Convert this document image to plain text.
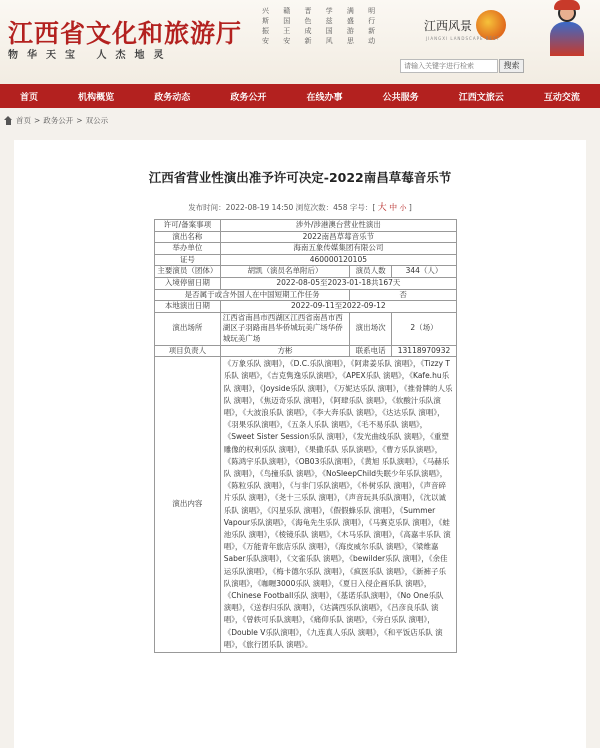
江西省文化和旅游厅
物华天宝 人杰地灵
兴 赣 晋 学 满 明
斯 国 色 兹 盛 行
振 王 成 国 游 新
安 安 新 风 思 动
江西风景
JIANGXI LANDSCAPE BEST
请输入关键字进行检索
搜索
首页	机构概览	政务动态	政务公开	在线办事	公共服务	江西文旅云	互动交流
首页 > 政务公开 > 双公示
江西省营业性演出准予许可决定-2022南昌草莓音乐节
发布时间：2022-08-19 14:50 浏览次数：458 字号：[ 大 中 小 ]
许可/备案事项	涉外/涉港澳台营业性演出		
演出名称	2022南昌草莓音乐节		
举办单位	海南五象传媒集团有限公司		
证号	460000120105		
主要演员（团体）	胡凯（演员名单附后）	演员人数	344（人）
入境停留日期	2022-08-05至2023-01-18共167天		
是否属于或含外国人在中国短期工作任务		否	
本地演出日期	2022-09-11至2022-09-12		
演出场所	江西省南昌市西湖区江西省南昌市西湖区子羽路南昌华侨城玩美广场华侨城玩美广场	演出场次	2（场）
项目负责人	方彬	联系电话	13118970932
演出内容	《万象乐队 演唱》，《D.C.乐队演唱》，《阿肃姜乐队 演唱》，《Tizzy T乐队 演唱》，《吉克隽逸乐队演唱》，《APEX乐队 演唱》，《Kafe.hu乐队 演唱》，《Joyside乐队 演唱》，《万妮达乐队 演唱》，《推骨牌的人乐队 演唱》，《焦迈奇乐队 演唱》，《阿肆乐队 演唱》，《软酸汁乐队演唱》，《大波浪乐队 演唱》，《李大奔乐队 演唱》，《达达乐队 演唱》，《羽果乐队演唱》，《五条人乐队 演唱》，《毛不易乐队 演唱》，《Sweet Sister Session乐队 演唱》，《发光曲线乐队 演唱》，《重塑雕像的权利乐队 演唱》，《果撒乐队 乐队演唱》，《曹方乐队演唱》，《陈鸿宇乐队演唱》，《OB03乐队演唱》，《黄旭 乐队演唱》，《马赫乐队 演唱》，《鸟撞乐队 演唱》，《NoSleepChild失眠少年乐队演唱》，《陈粒乐队 演唱》，《与非门乐队演唱》，《朴树乐队 演唱》，《声音碎片乐队 演唱》，《尧十三乐队 演唱》，《声音玩具乐队演唱》，《沈以诚乐队 演唱》，《闪星乐队 演唱》，《假假蜂乐队 演唱》，《Summer Vapour乐队演唱》，《海龟先生乐队 演唱》，《马赛克乐队 演唱》，《蛙池乐队 演唱》，《棱镜乐队 演唱》，《木马乐队 演唱》，《高嘉丰乐队 演唱》，《万能青年旅店乐队 演唱》，《海皮威尔乐队 演唱》，《梁维嘉Saber乐队演唱》，《文雀乐队 演唱》，《bewilder乐队 演唱》，《余佳运乐队演唱》，《梅卡德尔乐队 演唱》，《疯医乐队 演唱》，《新裤子乐队演唱》，《咖喱3000乐队 演唱》，《夏日入侵企画乐队 演唱》，《Chinese Football乐队 演唱》，《基诺乐队演唱》，《No One乐队 演唱》，《送春归乐队 演唱》，《达满西乐队演唱》，《吕彦良乐队 演唱》，《曾轶可乐队演唱》，《痛仰乐队 演唱》，《旁白乐队 演唱》，《Double V乐队演唱》，《九连真人乐队 演唱》，《和平饭店乐队 演唱》，《旅行团乐队 演唱》。		
